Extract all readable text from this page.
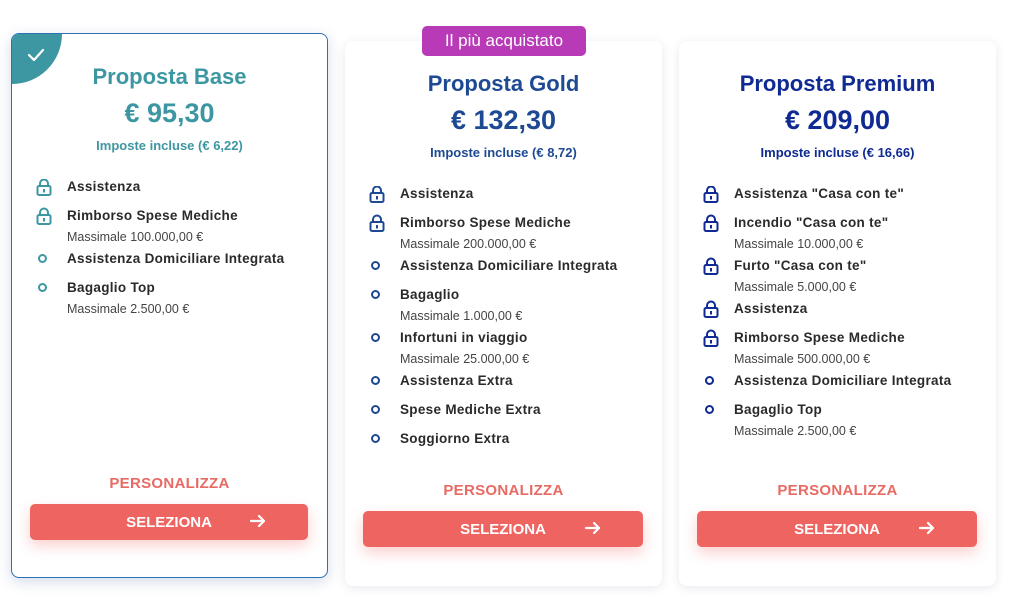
Proposta Base
€ 95,30
Imposte incluse (€ 6,22)
Assistenza
Rimborso Spese Mediche
Massimale 100.000,00 €
Assistenza Domiciliare Integrata
Bagaglio Top
Massimale 2.500,00 €
PERSONALIZZA
SELEZIONA
Il più acquistato
Proposta Gold
€ 132,30
Imposte incluse (€ 8,72)
Assistenza
Rimborso Spese Mediche
Massimale 200.000,00 €
Assistenza Domiciliare Integrata
Bagaglio
Massimale 1.000,00 €
Infortuni in viaggio
Massimale 25.000,00 €
Assistenza Extra
Spese Mediche Extra
Soggiorno Extra
PERSONALIZZA
SELEZIONA
Proposta Premium
€ 209,00
Imposte incluse (€ 16,66)
Assistenza "Casa con te"
Incendio "Casa con te"
Massimale 10.000,00 €
Furto "Casa con te"
Massimale 5.000,00 €
Assistenza
Rimborso Spese Mediche
Massimale 500.000,00 €
Assistenza Domiciliare Integrata
Bagaglio Top
Massimale 2.500,00 €
PERSONALIZZA
SELEZIONA
